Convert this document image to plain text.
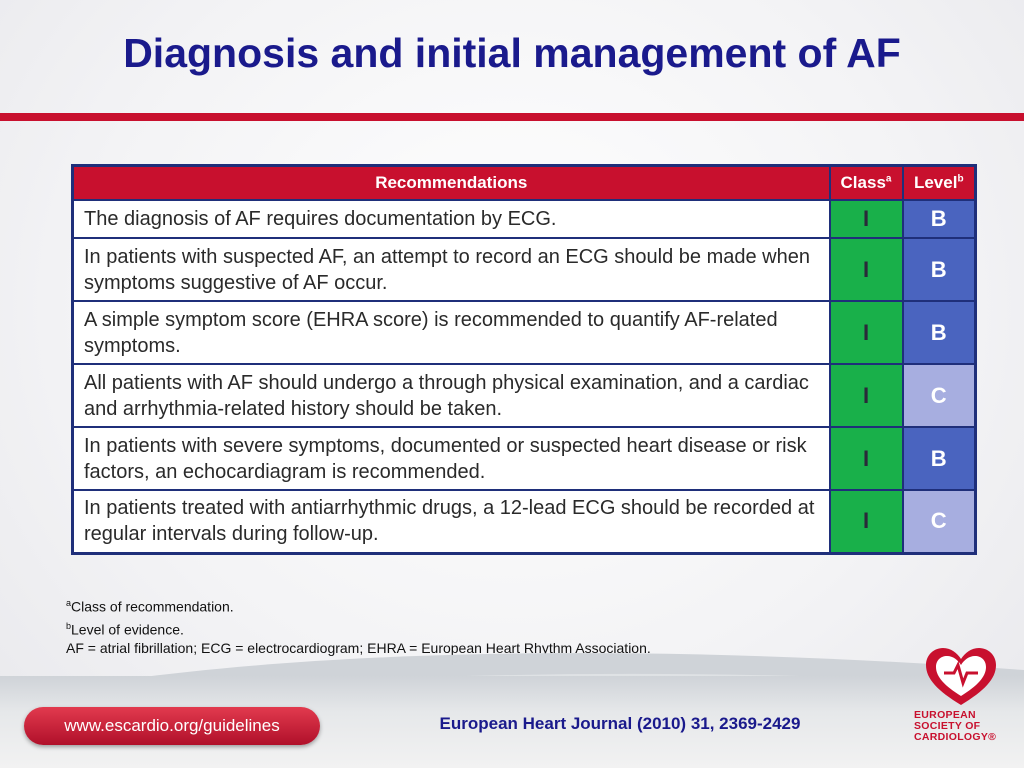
Diagnosis and initial management of AF
Recommendations	Class$^a$	Level$^b$
The diagnosis of AF requires documentation by ECG.	I	B
In patients with suspected AF, an attempt to record an ECG should be made when symptoms suggestive of AF occur.	I	B
A simple symptom score (EHRA score) is recommended to quantify AF-related symptoms.	I	B
All patients with AF should undergo a through physical examination, and a cardiac and arrhythmia-related history should be taken.	I	C
In patients with severe symptoms, documented or suspected heart disease or risk factors, an echocardiagram is recommended.	I	B
In patients treated with antiarrhythmic drugs, a 12-lead ECG should be recorded at regular intervals during follow-up.	I	C
$^a$Class of recommendation.
$^b$Level of evidence.
AF = atrial fibrillation; ECG = electrocardiogram; EHRA = European Heart Rhythm Association.
www.escardio.org/guidelines	European Heart Journal (2010) 31, 2369-2429	EUROPEAN
SOCIETY OF
CARDIOLOGY®
